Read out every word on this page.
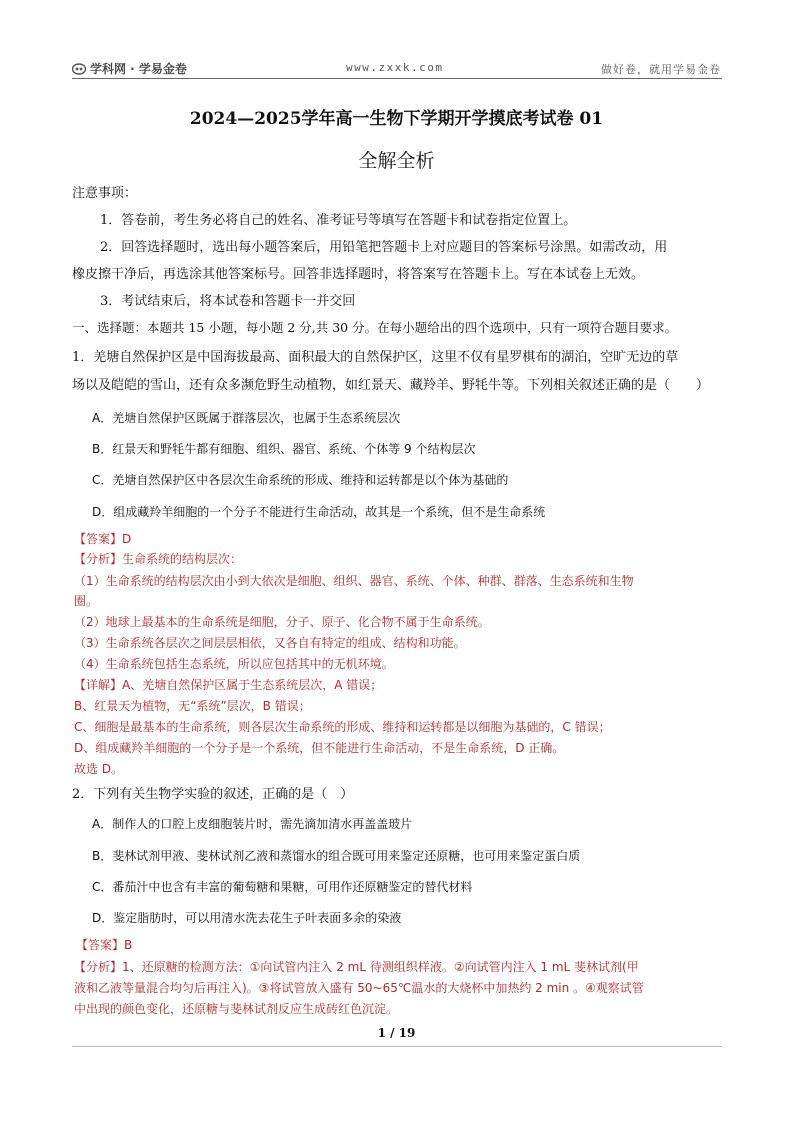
学科网 · 学易金卷	www.zxxk.com	做好卷，就用学易金卷
2024—2025学年高一生物下学期开学摸底考试卷 01
全解全析
注意事项：
1．答卷前，考生务必将自己的姓名、准考证号等填写在答题卡和试卷指定位置上。
2．回答选择题时，选出每小题答案后，用铅笔把答题卡上对应题目的答案标号涂黑。如需改动，用
橡皮擦干净后，再选涂其他答案标号。回答非选择题时，将答案写在答题卡上。写在本试卷上无效。
3．考试结束后，将本试卷和答题卡一并交回
一、选择题：本题共 15 小题，每小题 2 分,共 30 分。在每小题给出的四个选项中，只有一项符合题目要求。
1．羌塘自然保护区是中国海拔最高、面积最大的自然保护区，这里不仅有星罗棋布的湖泊，空旷无边的草
场以及皑皑的雪山，还有众多濒危野生动植物，如红景天、藏羚羊、野牦牛等。下列相关叙述正确的是（　　）
A．羌塘自然保护区既属于群落层次，也属于生态系统层次
B．红景天和野牦牛都有细胞、组织、器官、系统、个体等 9 个结构层次
C．羌塘自然保护区中各层次生命系统的形成、维持和运转都是以个体为基础的
D．组成藏羚羊细胞的一个分子不能进行生命活动，故其是一个系统，但不是生命系统
【答案】D
【分析】生命系统的结构层次：
（1）生命系统的结构层次由小到大依次是细胞、组织、器官、系统、个体、种群、群落、生态系统和生物
圈。
（2）地球上最基本的生命系统是细胞，分子、原子、化合物不属于生命系统。
（3）生命系统各层次之间层层相依，又各自有特定的组成、结构和功能。
（4）生命系统包括生态系统，所以应包括其中的无机环境。
【详解】A、羌塘自然保护区属于生态系统层次，A 错误；
B、红景天为植物，无“系统”层次，B 错误；
C、细胞是最基本的生命系统，则各层次生命系统的形成、维持和运转都是以细胞为基础的，C 错误；
D、组成藏羚羊细胞的一个分子是一个系统，但不能进行生命活动，不是生命系统，D 正确。
故选 D。
2．下列有关生物学实验的叙述，正确的是（　）
A．制作人的口腔上皮细胞装片时，需先滴加清水再盖盖玻片
B．斐林试剂甲液、斐林试剂乙液和蒸馏水的组合既可用来鉴定还原糖，也可用来鉴定蛋白质
C．番茄汁中也含有丰富的葡萄糖和果糖，可用作还原糖鉴定的替代材料
D．鉴定脂肪时，可以用清水洗去花生子叶表面多余的染液
【答案】B
【分析】1、还原糖的检测方法：①向试管内注入 2 mL 待测组织样液。②向试管内注入 1 mL 斐林试剂(甲
液和乙液等量混合均匀后再注入)。③将试管放入盛有 50~65℃温水的大烧杯中加热约 2 min 。④观察试管
中出现的颜色变化，还原糖与斐林试剂反应生成砖红色沉淀。
1 / 19
